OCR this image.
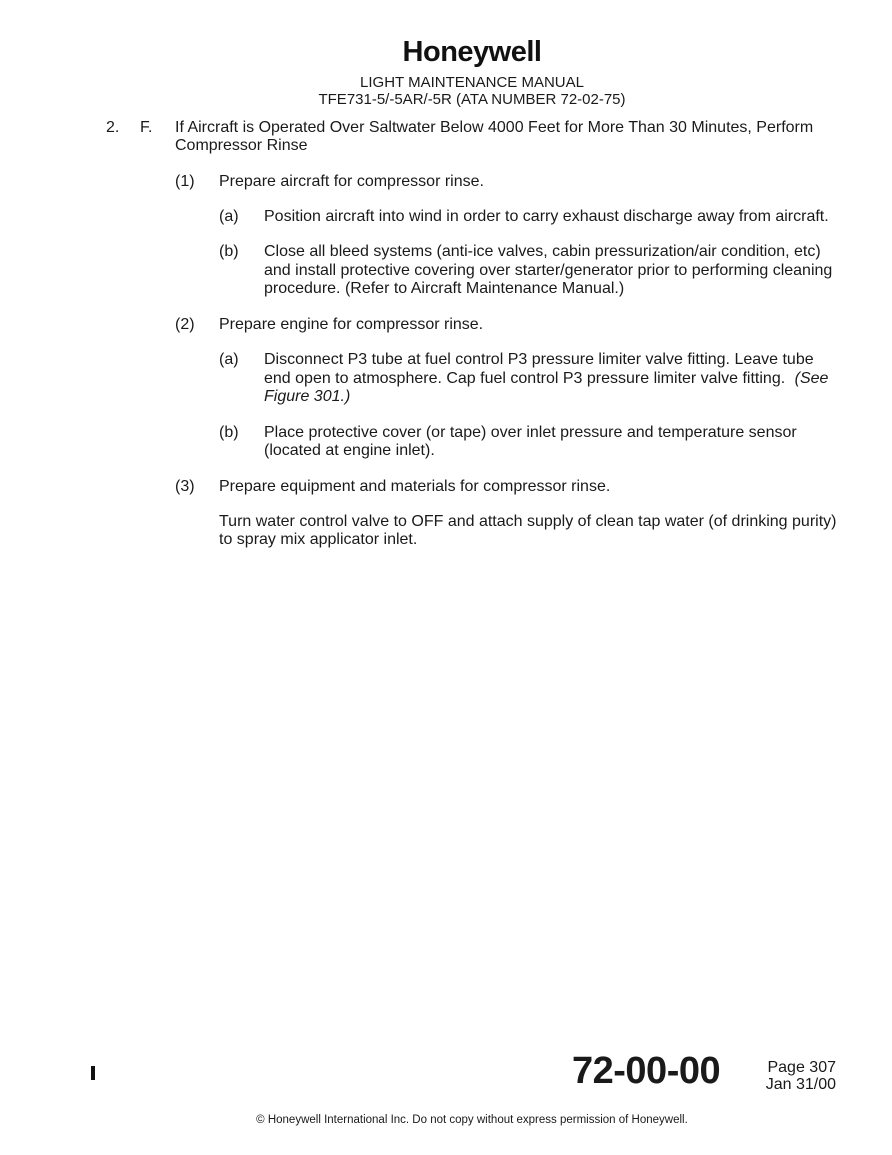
Honeywell
LIGHT MAINTENANCE MANUAL
TFE731-5/-5AR/-5R (ATA NUMBER 72-02-75)
2. F. If Aircraft is Operated Over Saltwater Below 4000 Feet for More Than 30 Minutes, Perform
Compressor Rinse
(1) Prepare aircraft for compressor rinse.
(a) Position aircraft into wind in order to carry exhaust discharge away from aircraft.
(b) Close all bleed systems (anti-ice valves, cabin pressurization/air condition, etc)
and install protective covering over starter/generator prior to performing cleaning
procedure. (Refer to Aircraft Maintenance Manual.)
(2) Prepare engine for compressor rinse.
(a) Disconnect P3 tube at fuel control P3 pressure limiter valve fitting. Leave tube
end open to atmosphere. Cap fuel control P3 pressure limiter valve fitting. (See
Figure 301.)
(b) Place protective cover (or tape) over inlet pressure and temperature sensor
(located at engine inlet).
(3) Prepare equipment and materials for compressor rinse.
Turn water control valve to OFF and attach supply of clean tap water (of drinking purity)
to spray mix applicator inlet.
72-00-00	Page 307
Jan 31/00
© Honeywell International Inc. Do not copy without express permission of Honeywell.
